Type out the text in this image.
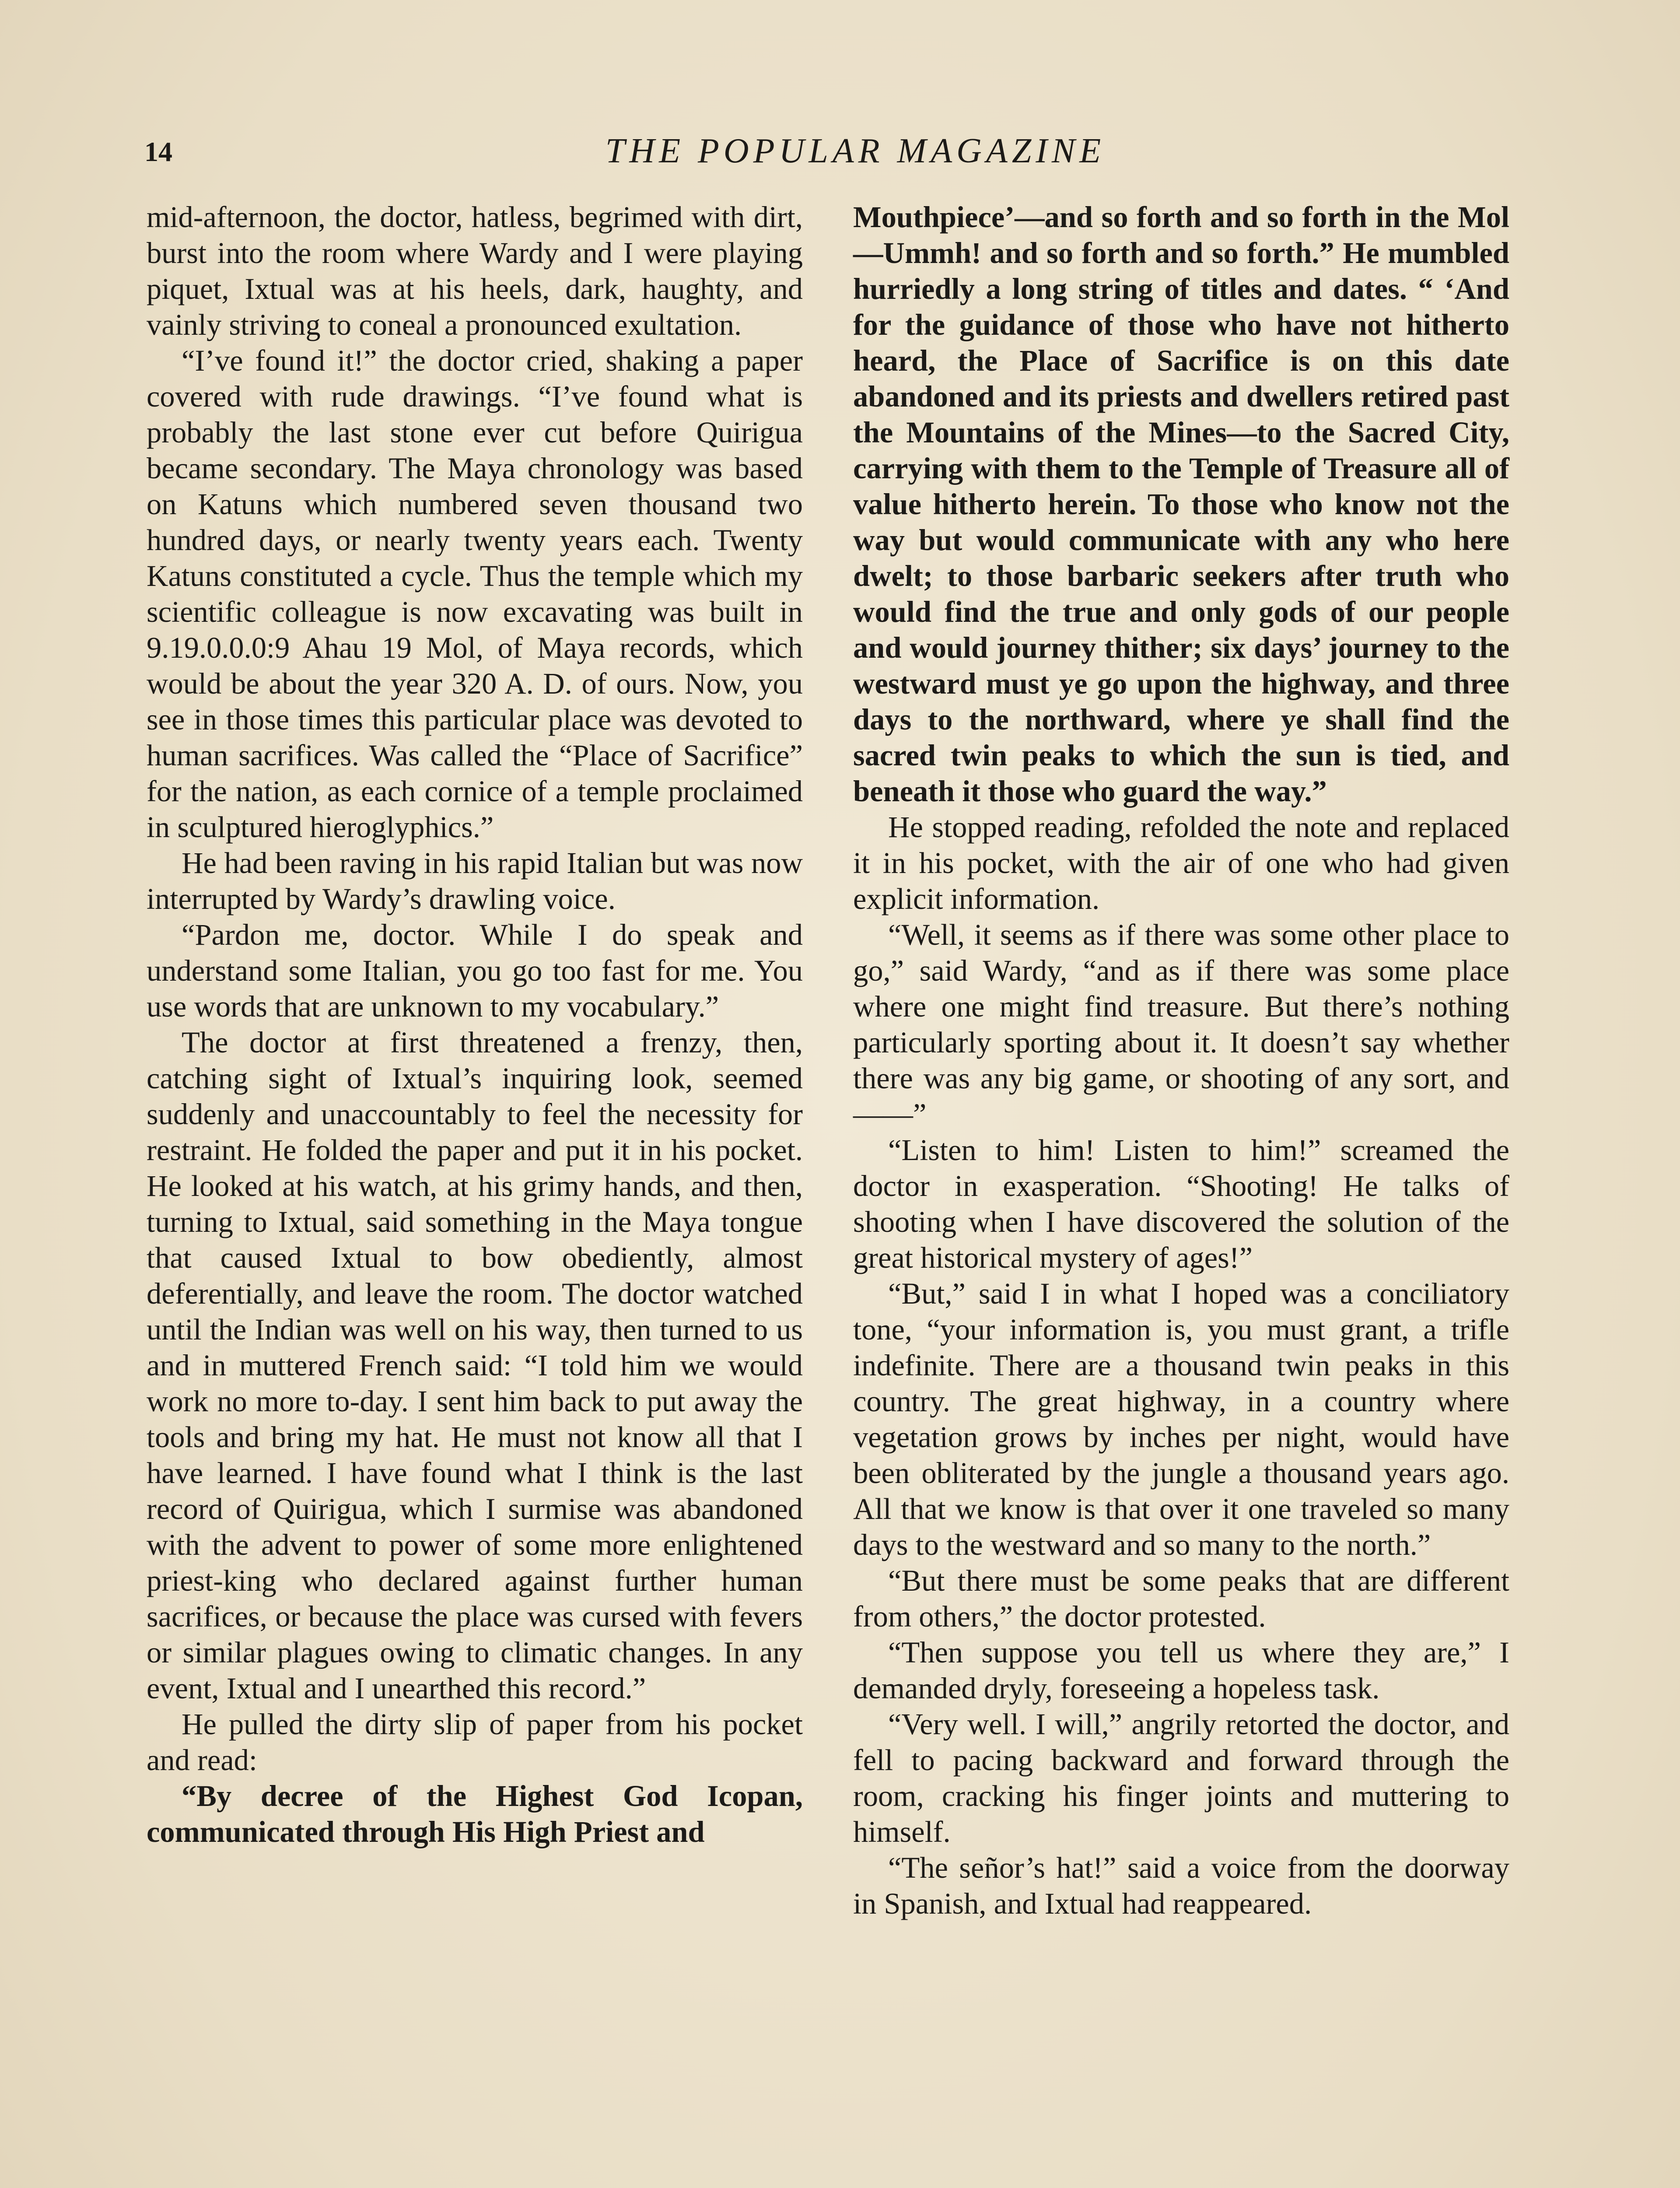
14	THE POPULAR MAGAZINE

mid-afternoon, the doctor, hatless, begrimed with dirt, burst into the room where Wardy and I were playing piquet, Ixtual was at his heels, dark, haughty, and vainly striving to coneal a pronounced exultation.

“I’ve found it!” the doctor cried, shaking a paper covered with rude drawings. “I’ve found what is probably the last stone ever cut before Quirigua became secondary. The Maya chronology was based on Katuns which numbered seven thousand two hundred days, or nearly twenty years each. Twenty Katuns constituted a cycle. Thus the temple which my scientific colleague is now excavating was built in 9.19.0.0.0:9 Ahau 19 Mol, of Maya records, which would be about the year 320 A. D. of ours. Now, you see in those times this particular place was devoted to human sacrifices. Was called the “Place of Sacrifice” for the nation, as each cornice of a temple proclaimed in sculptured hieroglyphics.”

He had been raving in his rapid Italian but was now interrupted by Wardy’s drawling voice.

“Pardon me, doctor. While I do speak and understand some Italian, you go too fast for me. You use words that are unknown to my vocabulary.”

The doctor at first threatened a frenzy, then, catching sight of Ixtual’s inquiring look, seemed suddenly and unaccountably to feel the necessity for restraint. He folded the paper and put it in his pocket. He looked at his watch, at his grimy hands, and then, turning to Ixtual, said something in the Maya tongue that caused Ixtual to bow obediently, almost deferentially, and leave the room. The doctor watched until the Indian was well on his way, then turned to us and in muttered French said: “I told him we would work no more to-day. I sent him back to put away the tools and bring my hat. He must not know all that I have learned. I have found what I think is the last record of Quirigua, which I surmise was abandoned with the advent to power of some more enlightened priest-king who declared against further human sacrifices, or because the place was cursed with fevers or similar plagues owing to climatic changes. In any event, Ixtual and I unearthed this record.”

He pulled the dirty slip of paper from his pocket and read:

“By decree of the Highest God Icopan, communicated through His High Priest and

Mouthpiece’—and so forth and so forth in the Mol—Ummh! and so forth and so forth.” He mumbled hurriedly a long string of titles and dates. “ ‘And for the guidance of those who have not hitherto heard, the Place of Sacrifice is on this date abandoned and its priests and dwellers retired past the Mountains of the Mines—to the Sacred City, carrying with them to the Temple of Treasure all of value hitherto herein. To those who know not the way but would communicate with any who here dwelt; to those barbaric seekers after truth who would find the true and only gods of our people and would journey thither; six days’ journey to the westward must ye go upon the highway, and three days to the northward, where ye shall find the sacred twin peaks to which the sun is tied, and beneath it those who guard the way.”

He stopped reading, refolded the note and replaced it in his pocket, with the air of one who had given explicit information.

“Well, it seems as if there was some other place to go,” said Wardy, “and as if there was some place where one might find treasure. But there’s nothing particularly sporting about it. It doesn’t say whether there was any big game, or shooting of any sort, and——”

“Listen to him! Listen to him!” screamed the doctor in exasperation. “Shooting! He talks of shooting when I have discovered the solution of the great historical mystery of ages!”

“But,” said I in what I hoped was a conciliatory tone, “your information is, you must grant, a trifle indefinite. There are a thousand twin peaks in this country. The great highway, in a country where vegetation grows by inches per night, would have been obliterated by the jungle a thousand years ago. All that we know is that over it one traveled so many days to the westward and so many to the north.”

“But there must be some peaks that are different from others,” the doctor protested.

“Then suppose you tell us where they are,” I demanded dryly, foreseeing a hopeless task.

“Very well. I will,” angrily retorted the doctor, and fell to pacing backward and forward through the room, cracking his finger joints and muttering to himself.

“The señor’s hat!” said a voice from the doorway in Spanish, and Ixtual had reappeared.
